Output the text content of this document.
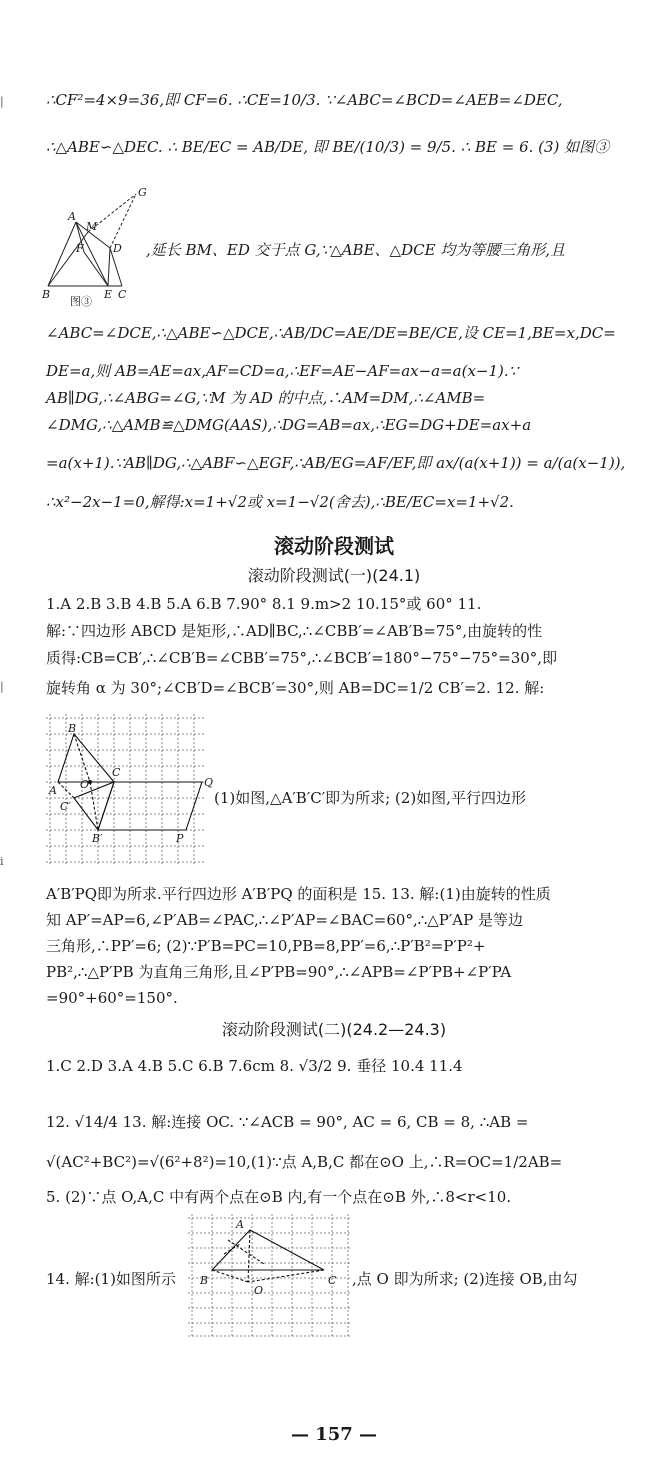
|
|
i
∴CF²=4×9=36,即 CF=6. ∴CE=10/3. ∵∠ABC=∠BCD=∠AEB=∠DEC,
∴△ABE∽△DEC. ∴ BE/EC = AB/DE, 即 BE/(10/3) = 9/5. ∴ BE = 6. (3) 如图③
A
M
F	D
B	E C
G
图③
,延长 BM、ED 交于点 G,∵△ABE、△DCE 均为等腰三角形,且
∠ABC=∠DCE,∴△ABE∽△DCE,∴AB/DC=AE/DE=BE/CE,设 CE=1,BE=x,DC=
DE=a,则 AB=AE=ax,AF=CD=a,∴EF=AE−AF=ax−a=a(x−1).∵
AB∥DG,∴∠ABG=∠G,∵M 为 AD 的中点,∴AM=DM,∴∠AMB=
∠DMG,∴△AMB≌△DMG(AAS),∴DG=AB=ax,∴EG=DG+DE=ax+a
=a(x+1).∵AB∥DG,∴△ABF∽△EGF,∴AB/EG=AF/EF,即 ax/(a(x+1)) = a/(a(x−1)),
∴x²−2x−1=0,解得:x=1+√2或 x=1−√2(舍去),∴BE/EC=x=1+√2.
滚动阶段测试
滚动阶段测试(一)(24.1)
1.A 2.B 3.B 4.B 5.A 6.B 7.90° 8.1 9.m>2 10.15°或 60° 11.
解:∵四边形 ABCD 是矩形,∴AD∥BC,∴∠CBB′=∠AB′B=75°,由旋转的性
质得:CB=CB′,∴∠CB′B=∠CBB′=75°,∴∠BCB′=180°−75°−75°=30°,即
旋转角 α 为 30°;∠CB′D=∠BCB′=30°,则 AB=DC=1/2 CB′=2. 12. 解:
B
C
O
A
C′
B′	P
Q
(1)如图,△A′B′C′即为所求; (2)如图,平行四边形
A′B′PQ即为所求.平行四边形 A′B′PQ 的面积是 15. 13. 解:(1)由旋转的性质
知 AP′=AP=6,∠P′AB=∠PAC,∴∠P′AP=∠BAC=60°,∴△P′AP 是等边
三角形,∴PP′=6; (2)∵P′B=PC=10,PB=8,PP′=6,∴P′B²=P′P²+
PB²,∴△P′PB 为直角三角形,且∠P′PB=90°,∴∠APB=∠P′PB+∠P′PA
=90°+60°=150°.
滚动阶段测试(二)(24.2—24.3)
1.C 2.D 3.A 4.B 5.C 6.B 7.6cm 8. √3/2 9. 垂径 10.4 11.4
12. √14/4 13. 解:连接 OC. ∵∠ACB = 90°, AC = 6, CB = 8, ∴AB =
√(AC²+BC²)=√(6²+8²)=10,(1)∵点 A,B,C 都在⊙O 上,∴R=OC=1/2AB=
5. (2)∵点 O,A,C 中有两个点在⊙B 内,有一个点在⊙B 外,∴8<r<10.
A
B	C
O
14. 解:(1)如图所示	,点 O 即为所求; (2)连接 OB,由勾
— 157 —
